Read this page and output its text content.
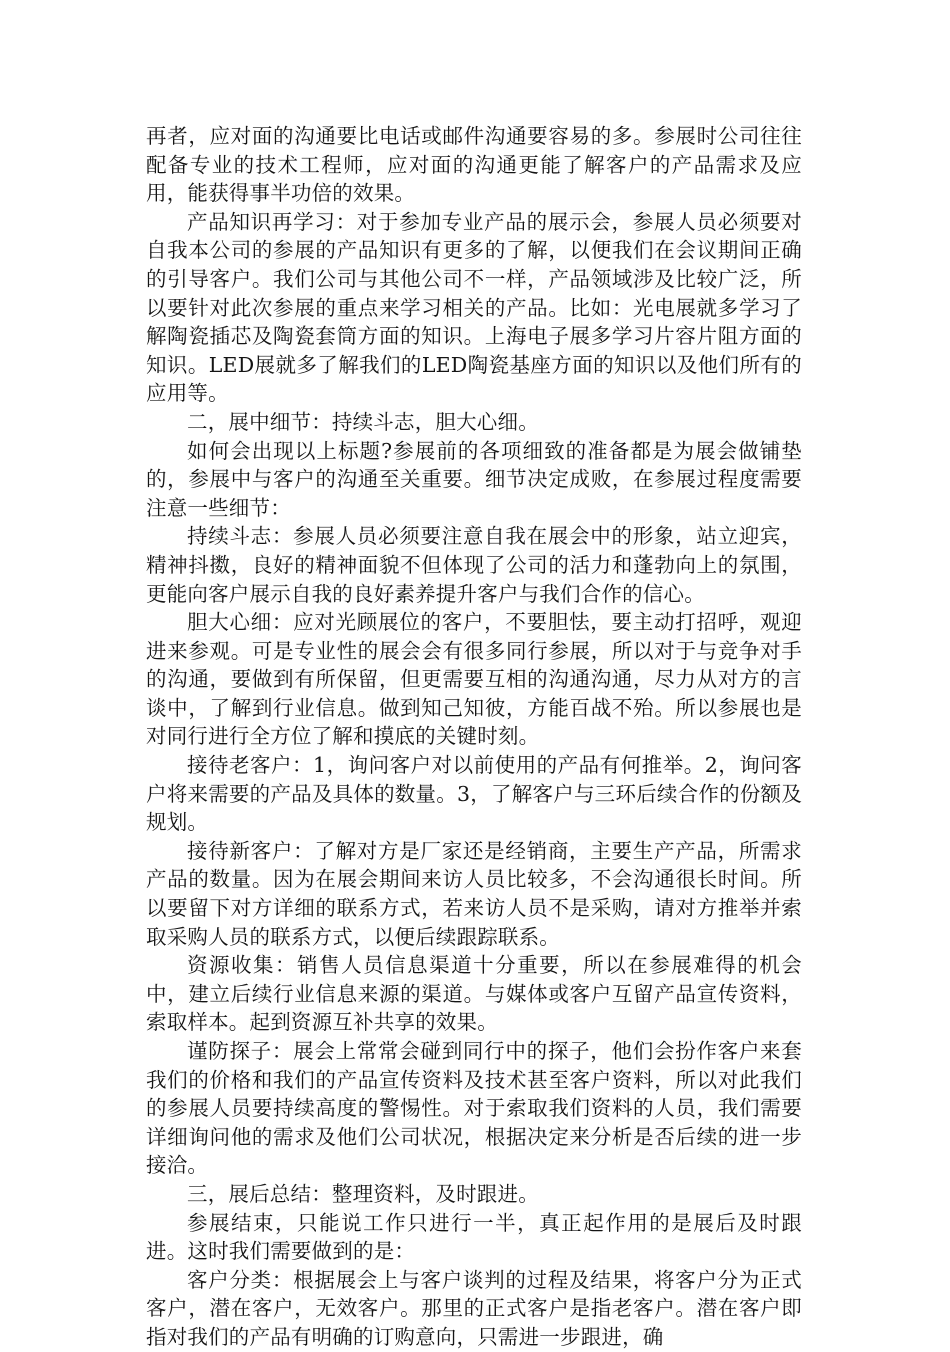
再者，应对面的沟通要比电话或邮件沟通要容易的多。参展时公司往往配备专业的技术工程师，应对面的沟通更能了解客户的产品需求及应用，能获得事半功倍的效果。

产品知识再学习：对于参加专业产品的展示会，参展人员必须要对自我本公司的参展的产品知识有更多的了解，以便我们在会议期间正确的引导客户。我们公司与其他公司不一样，产品领域涉及比较广泛，所以要针对此次参展的重点来学习相关的产品。比如：光电展就多学习了解陶瓷插芯及陶瓷套筒方面的知识。上海电子展多学习片容片阻方面的知识。LED展就多了解我们的LED陶瓷基座方面的知识以及他们所有的应用等。

二，展中细节：持续斗志，胆大心细。

如何会出现以上标题?参展前的各项细致的准备都是为展会做铺垫的，参展中与客户的沟通至关重要。细节决定成败，在参展过程度需要注意一些细节：

持续斗志：参展人员必须要注意自我在展会中的形象，站立迎宾，精神抖擞，良好的精神面貌不但体现了公司的活力和蓬勃向上的氛围，更能向客户展示自我的良好素养提升客户与我们合作的信心。

胆大心细：应对光顾展位的客户，不要胆怯，要主动打招呼，观迎进来参观。可是专业性的展会会有很多同行参展，所以对于与竞争对手的沟通，要做到有所保留，但更需要互相的沟通沟通，尽力从对方的言谈中，了解到行业信息。做到知己知彼，方能百战不殆。所以参展也是对同行进行全方位了解和摸底的关键时刻。

接待老客户：1，询问客户对以前使用的产品有何推举。2，询问客户将来需要的产品及具体的数量。3，了解客户与三环后续合作的份额及规划。

接待新客户：了解对方是厂家还是经销商，主要生产产品，所需求产品的数量。因为在展会期间来访人员比较多，不会沟通很长时间。所以要留下对方详细的联系方式，若来访人员不是采购，请对方推举并索取采购人员的联系方式，以便后续跟踪联系。

资源收集：销售人员信息渠道十分重要，所以在参展难得的机会中，建立后续行业信息来源的渠道。与媒体或客户互留产品宣传资料，索取样本。起到资源互补共享的效果。

谨防探子：展会上常常会碰到同行中的探子，他们会扮作客户来套我们的价格和我们的产品宣传资料及技术甚至客户资料，所以对此我们的参展人员要持续高度的警惕性。对于索取我们资料的人员，我们需要详细询问他的需求及他们公司状况，根据决定来分析是否后续的进一步接洽。

三，展后总结：整理资料，及时跟进。

参展结束，只能说工作只进行一半，真正起作用的是展后及时跟进。这时我们需要做到的是：

客户分类：根据展会上与客户谈判的过程及结果，将客户分为正式客户，潜在客户，无效客户。那里的正式客户是指老客户。潜在客户即指对我们的产品有明确的订购意向，只需进一步跟进，确
